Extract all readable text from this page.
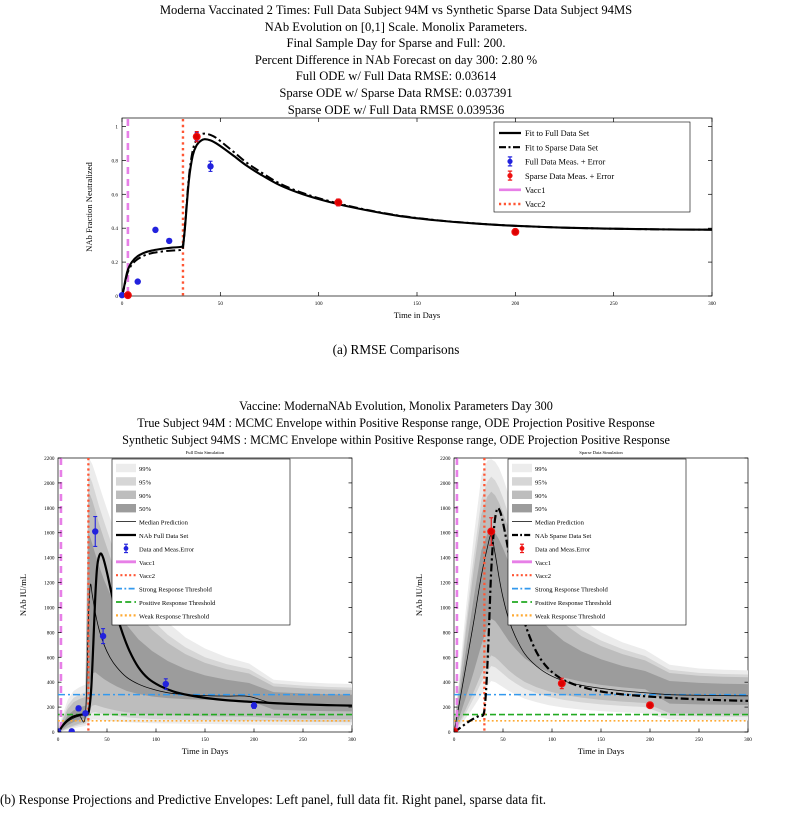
Moderna Vaccinated 2 Times: Full Data Subject 94M vs Synthetic Sparse Data Subject 94MS
NAb Evolution on [0,1] Scale. Monolix Parameters.
Final Sample Day for Sparse and Full: 200.
Percent Difference in NAb Forecast on day 300: 2.80 %
Full ODE w/ Full Data RMSE: 0.03614
Sparse ODE w/ Sparse Data RMSE: 0.037391
Sparse ODE w/ Full Data RMSE 0.039536
0	50	100	150	200	250	300
0
0.2
0.4
0.6
0.8
1
Time in Days
NAb Fraction Neutralized
Fit to Full Data Set
Fit to Sparse Data Set
Full Data Meas. + Error
Sparse Data Meas. + Error
Vacc1
Vacc2
(a) RMSE Comparisons
Vaccine: ModernaNAb Evolution, Monolix Parameters Day 300
True Subject 94M : MCMC Envelope within Positive Response range, ODE Projection Positive Response
Synthetic Subject 94MS : MCMC Envelope within Positive Response range, ODE Projection Positive Response
Full Data Simulation
0	50	100	150	200	250	300
0
200
400
600
800
1000
1200
1400
1600
1800
2000
2200
Time in Days
NAb IU/mL
99%
95%
90%
50%
Median Prediction
NAb Full Data Set
Data and Meas.Error
Vacc1
Vacc2
Strong Response Threshold
Positive Response Threshold
Weak Response Threshold
Sparse Data Simulation
0	50	100	150	200	250	300
0
200
400
600
800
1000
1200
1400
1600
1800
2000
2200
Time in Days
NAb IU/mL
99%
95%
90%
50%
Median Prediction
NAb Sparse Data Set
Data and Meas.Error
Vacc1
Vacc2
Strong Response Threshold
Positive Response Threshold
Weak Response Threshold
(b) Response Projections and Predictive Envelopes: Left panel, full data fit. Right panel, sparse data fit.
